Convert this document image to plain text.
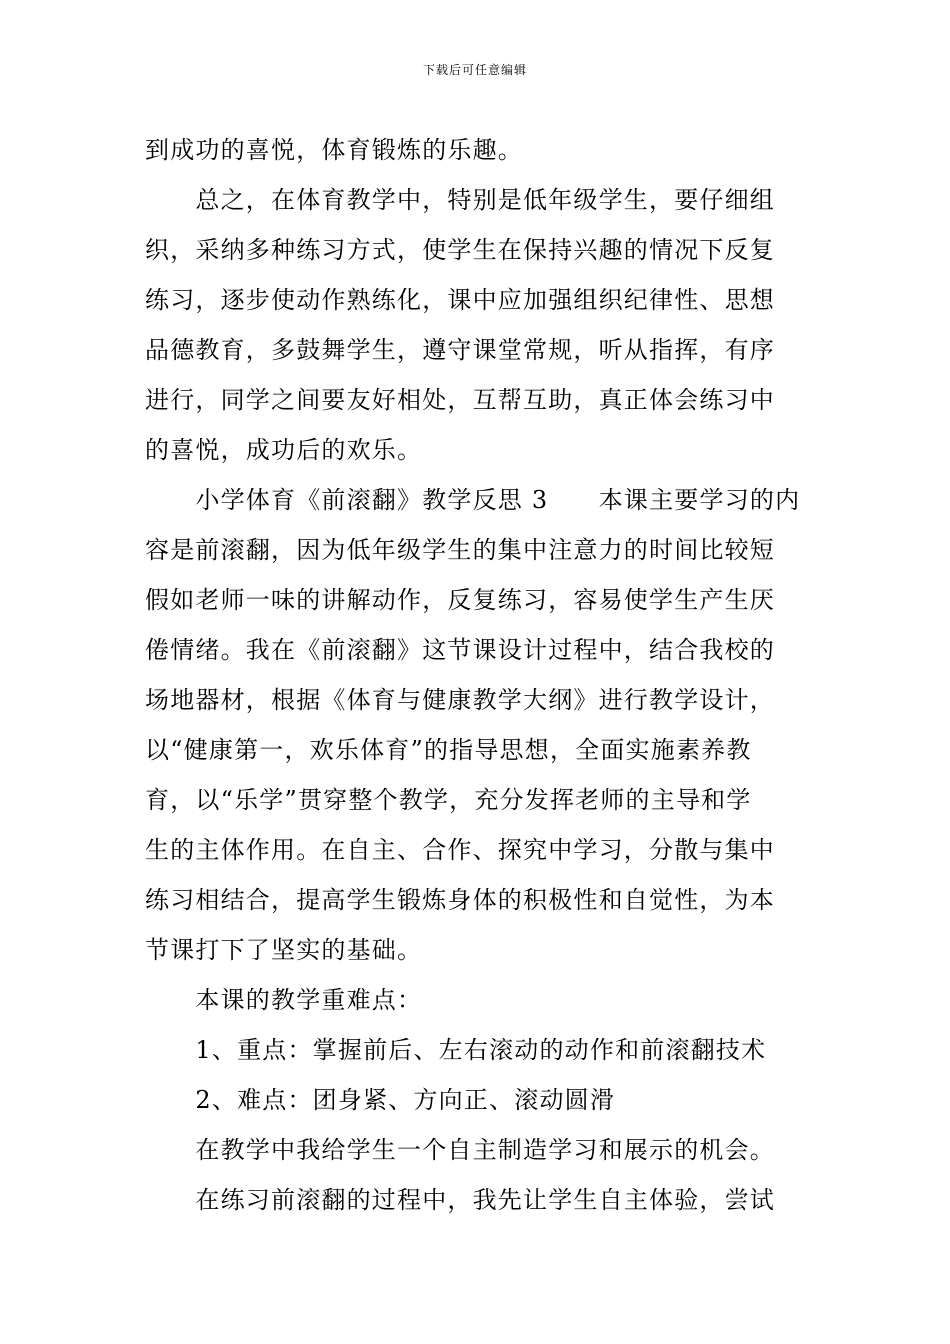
下载后可任意编辑
到成功的喜悦，体育锻炼的乐趣。
　　总之，在体育教学中，特别是低年级学生，要仔细组
织，采纳多种练习方式，使学生在保持兴趣的情况下反复
练习，逐步使动作熟练化，课中应加强组织纪律性、思想
品德教育，多鼓舞学生，遵守课堂常规，听从指挥，有序
进行，同学之间要友好相处，互帮互助，真正体会练习中
的喜悦，成功后的欢乐。
　　小学体育《前滚翻》教学反思 3　　本课主要学习的内
容是前滚翻，因为低年级学生的集中注意力的时间比较短
假如老师一味的讲解动作，反复练习，容易使学生产生厌
倦情绪。我在《前滚翻》这节课设计过程中，结合我校的
场地器材，根据《体育与健康教学大纲》进行教学设计，
以“健康第一，欢乐体育”的指导思想，全面实施素养教
育，以“乐学”贯穿整个教学，充分发挥老师的主导和学
生的主体作用。在自主、合作、探究中学习，分散与集中
练习相结合，提高学生锻炼身体的积极性和自觉性，为本
节课打下了坚实的基础。
　　本课的教学重难点：
　　1、重点：掌握前后、左右滚动的动作和前滚翻技术
　　2、难点：团身紧、方向正、滚动圆滑
　　在教学中我给学生一个自主制造学习和展示的机会。
　　在练习前滚翻的过程中，我先让学生自主体验，尝试
